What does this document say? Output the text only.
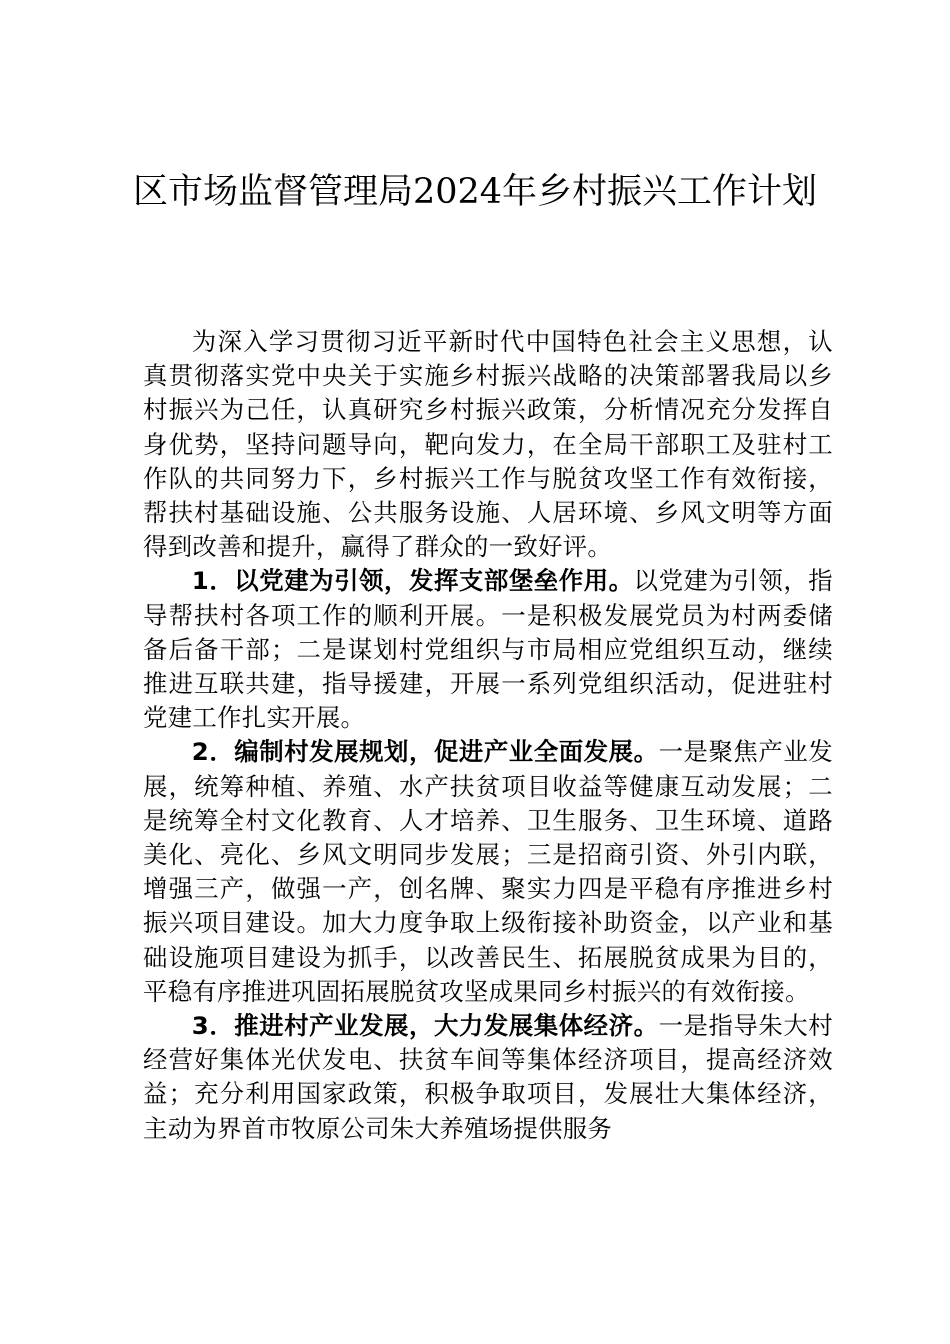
区市场监督管理局2024年乡村振兴工作计划

为深入学习贯彻习近平新时代中国特色社会主义思想，认真贯彻落实党中央关于实施乡村振兴战略的决策部署我局以乡村振兴为己任，认真研究乡村振兴政策，分析情况充分发挥自身优势，坚持问题导向，靶向发力，在全局干部职工及驻村工作队的共同努力下，乡村振兴工作与脱贫攻坚工作有效衔接，帮扶村基础设施、公共服务设施、人居环境、乡风文明等方面得到改善和提升，赢得了群众的一致好评。

1．以党建为引领，发挥支部堡垒作用。以党建为引领，指导帮扶村各项工作的顺利开展。一是积极发展党员为村两委储备后备干部；二是谋划村党组织与市局相应党组织互动，继续推进互联共建，指导援建，开展一系列党组织活动，促进驻村党建工作扎实开展。

2．编制村发展规划，促进产业全面发展。一是聚焦产业发展，统筹种植、养殖、水产扶贫项目收益等健康互动发展；二是统筹全村文化教育、人才培养、卫生服务、卫生环境、道路美化、亮化、乡风文明同步发展；三是招商引资、外引内联，增强三产，做强一产，创名牌、聚实力四是平稳有序推进乡村振兴项目建设。加大力度争取上级衔接补助资金，以产业和基础设施项目建设为抓手，以改善民生、拓展脱贫成果为目的，平稳有序推进巩固拓展脱贫攻坚成果同乡村振兴的有效衔接。

3．推进村产业发展，大力发展集体经济。一是指导朱大村经营好集体光伏发电、扶贫车间等集体经济项目，提高经济效益；充分利用国家政策，积极争取项目，发展壮大集体经济，主动为界首市牧原公司朱大养殖场提供服务
